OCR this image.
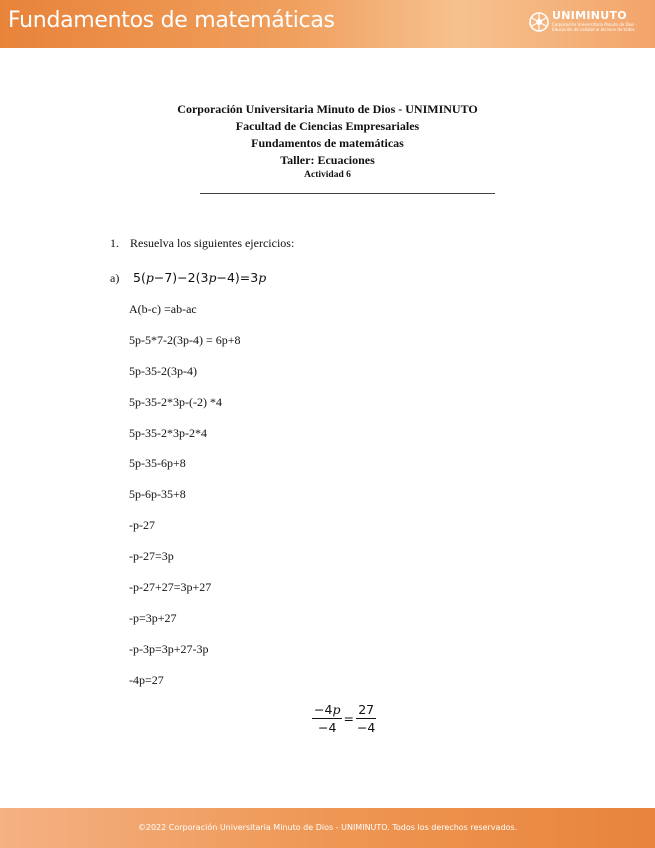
Fundamentos de matemáticas	UNIMINUTO
Corporación Universitaria Minuto de Dios - Educación de calidad al alcance de todos
Corporación Universitaria Minuto de Dios - UNIMINUTO
Facultad de Ciencias Empresariales
Fundamentos de matemáticas
Taller: Ecuaciones
Actividad 6
1. Resuelva los siguientes ejercicios:
a) 5(p−7)−2(3p−4)=3p
A(b-c) =ab-ac
5p-5*7-2(3p-4) = 6p+8
5p-35-2(3p-4)
5p-35-2*3p-(-2) *4
5p-35-2*3p-2*4
5p-35-6p+8
5p-6p-35+8
-p-27
-p-27=3p
-p-27+27=3p+27
-p=3p+27
-p-3p=3p+27-3p
-4p=27
$\frac{-4p}{-4} = \frac{27}{-4}$
©2022 Corporación Universitaria Minuto de Dios - UNIMINUTO. Todos los derechos reservados.
